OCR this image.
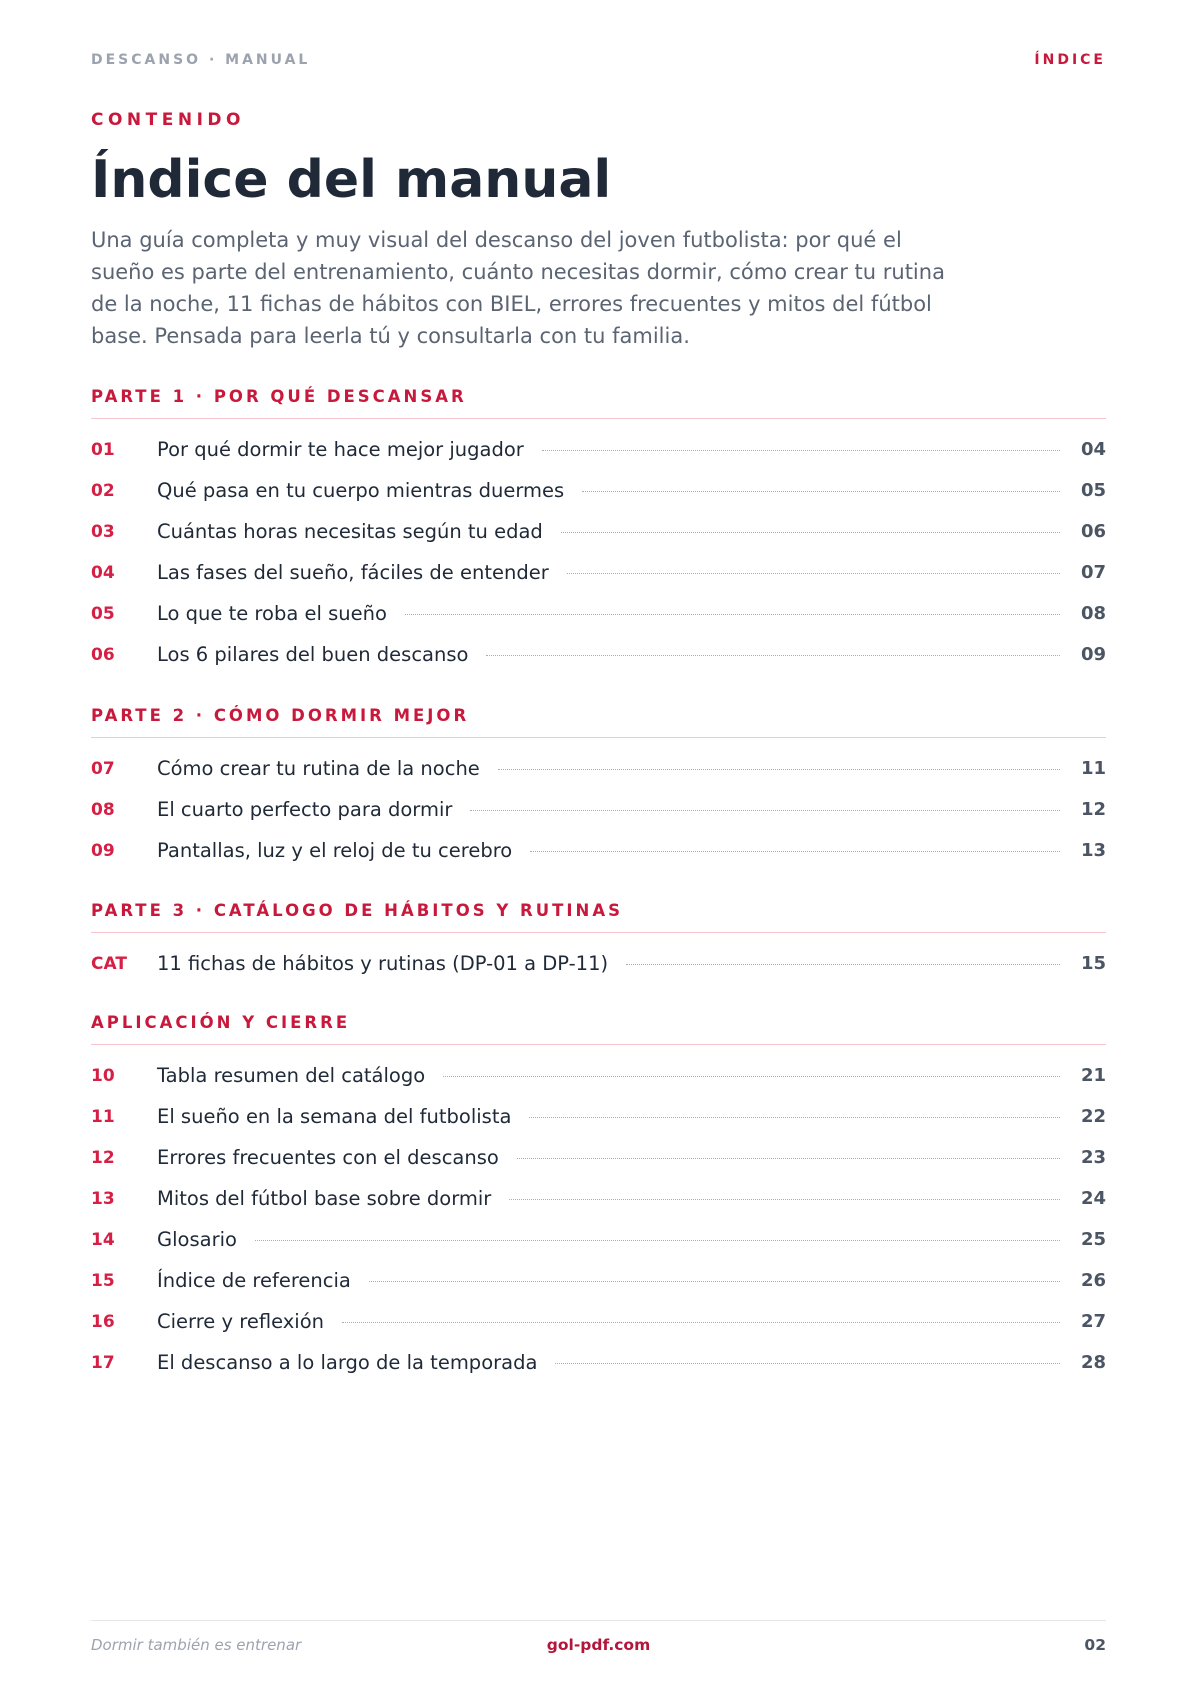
DESCANSO · MANUAL	ÍNDICE
CONTENIDO
Índice del manual

Una guía completa y muy visual del descanso del joven futbolista: por qué el sueño es parte del entrenamiento, cuánto necesitas dormir, cómo crear tu rutina de la noche, 11 fichas de hábitos con BIEL, errores frecuentes y mitos del fútbol base. Pensada para leerla tú y consultarla con tu familia.

PARTE 1 · POR QUÉ DESCANSAR
01	Por qué dormir te hace mejor jugador	04
02	Qué pasa en tu cuerpo mientras duermes	05
03	Cuántas horas necesitas según tu edad	06
04	Las fases del sueño, fáciles de entender	07
05	Lo que te roba el sueño	08
06	Los 6 pilares del buen descanso	09
PARTE 2 · CÓMO DORMIR MEJOR
07	Cómo crear tu rutina de la noche	11
08	El cuarto perfecto para dormir	12
09	Pantallas, luz y el reloj de tu cerebro	13
PARTE 3 · CATÁLOGO DE HÁBITOS Y RUTINAS
CAT	11 fichas de hábitos y rutinas (DP-01 a DP-11)	15
APLICACIÓN Y CIERRE
10	Tabla resumen del catálogo	21
11	El sueño en la semana del futbolista	22
12	Errores frecuentes con el descanso	23
13	Mitos del fútbol base sobre dormir	24
14	Glosario	25
15	Índice de referencia	26
16	Cierre y reflexión	27
17	El descanso a lo largo de la temporada	28
Dormir también es entrenar	gol-pdf.com	02
